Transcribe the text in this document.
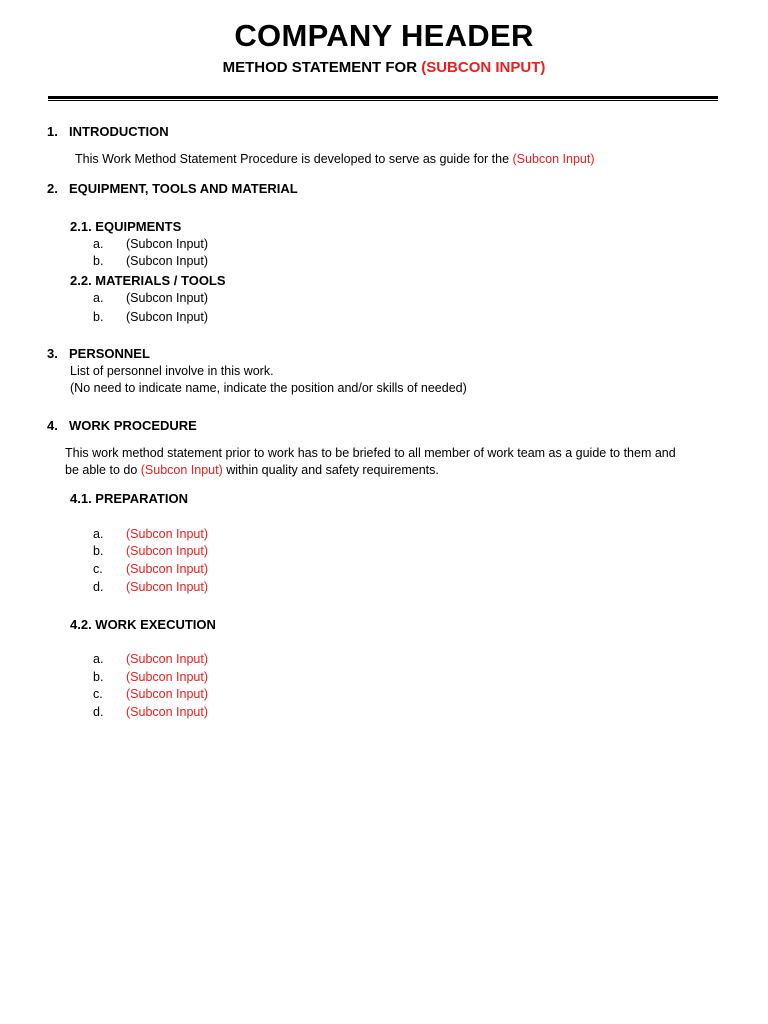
COMPANY HEADER
METHOD STATEMENT FOR (SUBCON INPUT)
1. INTRODUCTION
This Work Method Statement Procedure is developed to serve as guide for the (Subcon Input)
2. EQUIPMENT, TOOLS AND MATERIAL
2.1. EQUIPMENTS
a. (Subcon Input)
b. (Subcon Input)
2.2. MATERIALS / TOOLS
a. (Subcon Input)
b. (Subcon Input)
3. PERSONNEL
List of personnel involve in this work.
(No need to indicate name, indicate the position and/or skills of needed)
4. WORK PROCEDURE
This work method statement prior to work has to be briefed to all member of work team as a guide to them and
be able to do (Subcon Input) within quality and safety requirements.
4.1. PREPARATION
a. (Subcon Input)
b. (Subcon Input)
c. (Subcon Input)
d. (Subcon Input)
4.2. WORK EXECUTION
a. (Subcon Input)
b. (Subcon Input)
c. (Subcon Input)
d. (Subcon Input)
